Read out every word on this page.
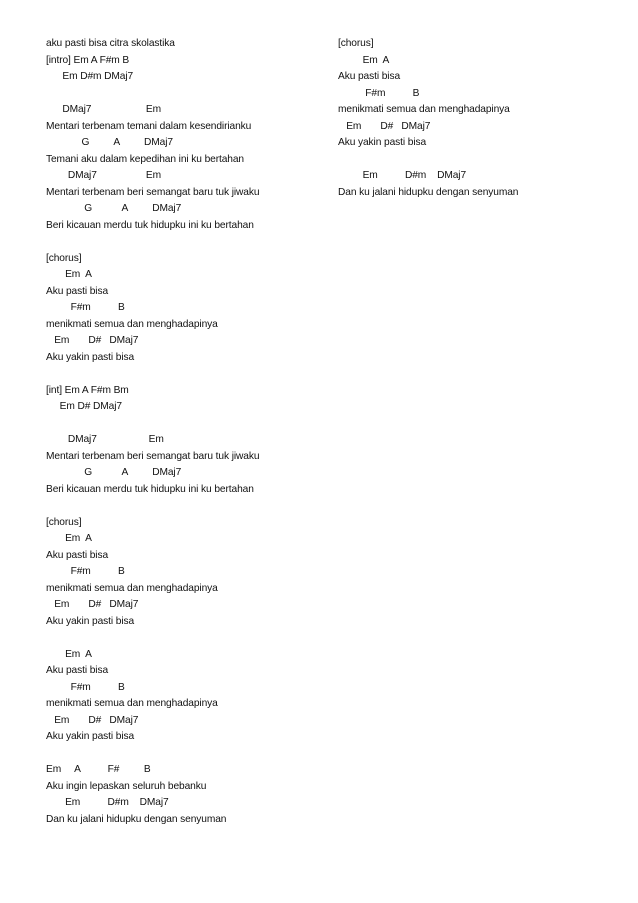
aku pasti bisa citra skolastika
[intro] Em A F#m B
Em D#m DMaj7
DMaj7                    Em
Mentari terbenam temani dalam kesendirianku
G         A         DMaj7
Temani aku dalam kepedihan ini ku bertahan
DMaj7                  Em
Mentari terbenam beri semangat baru tuk jiwaku
G           A         DMaj7
Beri kicauan merdu tuk hidupku ini ku bertahan
[chorus]
Em  A
Aku pasti bisa
F#m          B
menikmati semua dan menghadapinya
Em       D#   DMaj7
Aku yakin pasti bisa
[int] Em A F#m Bm
Em D# DMaj7
DMaj7                   Em
Mentari terbenam beri semangat baru tuk jiwaku
G           A         DMaj7
Beri kicauan merdu tuk hidupku ini ku bertahan
[chorus]
Em  A
Aku pasti bisa
F#m          B
menikmati semua dan menghadapinya
Em       D#   DMaj7
Aku yakin pasti bisa
Em  A
Aku pasti bisa
F#m          B
menikmati semua dan menghadapinya
Em       D#   DMaj7
Aku yakin pasti bisa
Em     A          F#         B
Aku ingin lepaskan seluruh bebanku
Em          D#m    DMaj7
Dan ku jalani hidupku dengan senyuman
[chorus]
Em  A
Aku pasti bisa
F#m          B
menikmati semua dan menghadapinya
Em       D#   DMaj7
Aku yakin pasti bisa
Em          D#m    DMaj7
Dan ku jalani hidupku dengan senyuman
